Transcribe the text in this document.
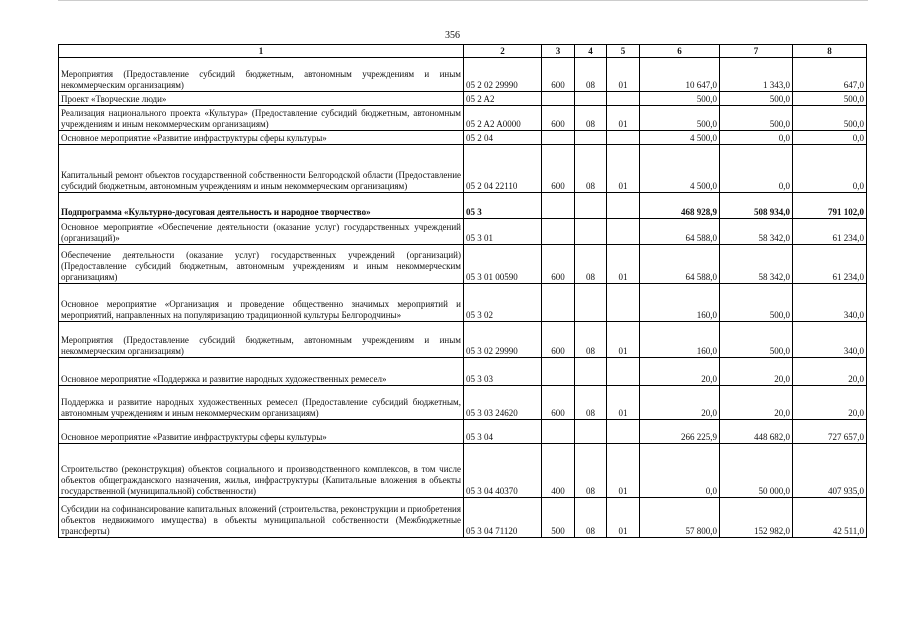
356
1	2	3	4	5	6	7	8
Мероприятия (Предоставление субсидий бюджетным, автономным учреждениям и иным некоммерческим организациям)	05 2 02 29990	600	08	01	10 647,0	1 343,0	647,0
Проект «Творческие люди»	05 2 A2				500,0	500,0	500,0
Реализация национального проекта «Культура» (Предоставление субсидий бюджетным, автономным учреждениям и иным некоммерческим организациям)	05 2 A2 A0000	600	08	01	500,0	500,0	500,0
Основное мероприятие «Развитие инфраструктуры сферы культуры»	05 2 04				4 500,0	0,0	0,0
Капитальный ремонт объектов государственной собственности Белгородской области (Предоставление субсидий бюджетным, автономным учреждениям и иным некоммерческим организациям)	05 2 04 22110	600	08	01	4 500,0	0,0	0,0
Подпрограмма «Культурно-досуговая деятельность и народное творчество»	05 3				468 928,9	508 934,0	791 102,0
Основное мероприятие «Обеспечение деятельности (оказание услуг) государственных учреждений (организаций)»	05 3 01				64 588,0	58 342,0	61 234,0
Обеспечение деятельности (оказание услуг) государственных учреждений (организаций) (Предоставление субсидий бюджетным, автономным учреждениям и иным некоммерческим организациям)	05 3 01 00590	600	08	01	64 588,0	58 342,0	61 234,0
Основное мероприятие «Организация и проведение общественно значимых мероприятий и мероприятий, направленных на популяризацию традиционной культуры Белгородчины»	05 3 02				160,0	500,0	340,0
Мероприятия (Предоставление субсидий бюджетным, автономным учреждениям и иным некоммерческим организациям)	05 3 02 29990	600	08	01	160,0	500,0	340,0
Основное мероприятие «Поддержка и развитие народных художественных ремесел»	05 3 03				20,0	20,0	20,0
Поддержка и развитие народных художественных ремесел (Предоставление субсидий бюджетным, автономным учреждениям и иным некоммерческим организациям)	05 3 03 24620	600	08	01	20,0	20,0	20,0
Основное мероприятие «Развитие инфраструктуры сферы культуры»	05 3 04				266 225,9	448 682,0	727 657,0
Строительство (реконструкция) объектов социального и производственного комплексов, в том числе объектов общегражданского назначения, жилья, инфраструктуры (Капитальные вложения в объекты государственной (муниципальной) собственности)	05 3 04 40370	400	08	01	0,0	50 000,0	407 935,0
Субсидии на софинансирование капитальных вложений (строительства, реконструкции и приобретения объектов недвижимого имущества) в объекты муниципальной собственности (Межбюджетные трансферты)	05 3 04 71120	500	08	01	57 800,0	152 982,0	42 511,0
